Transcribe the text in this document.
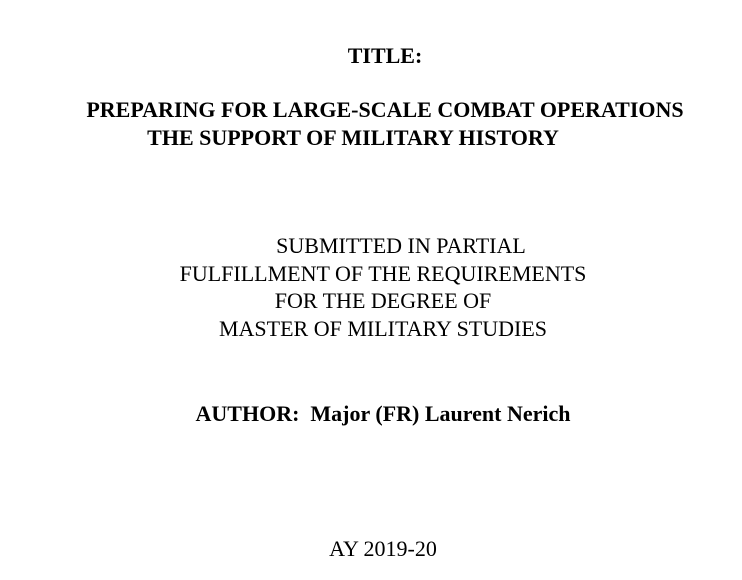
TITLE:
PREPARING FOR LARGE-SCALE COMBAT OPERATIONS
THE SUPPORT OF MILITARY HISTORY
SUBMITTED IN PARTIAL
FULFILLMENT OF THE REQUIREMENTS
FOR THE DEGREE OF
MASTER OF MILITARY STUDIES
AUTHOR:  Major (FR) Laurent Nerich
AY 2019-20
